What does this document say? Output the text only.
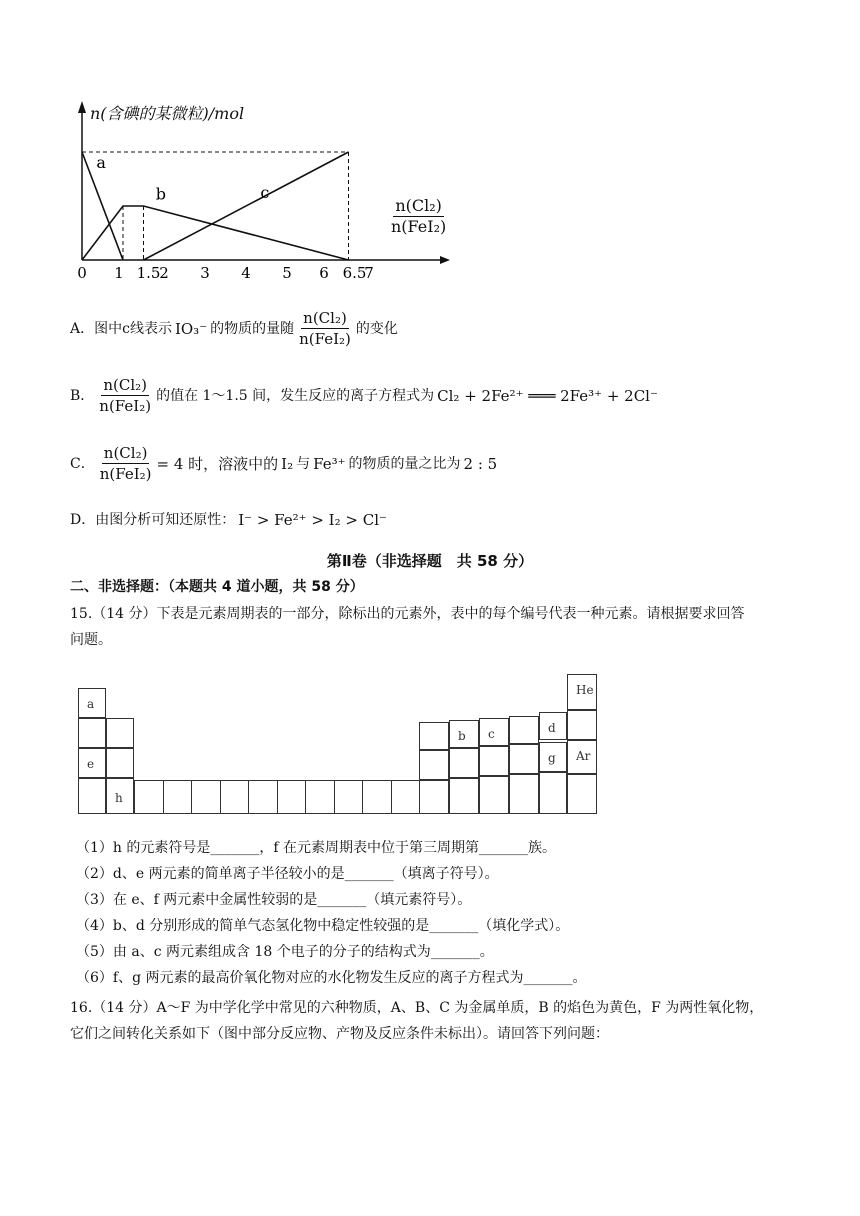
a
b	c
0 1 1.5
2 3 4 5 6 6.5
7
n(含碘的某微粒)/mol
$\frac{\text{n(Cl₂)}}{\text{n(FeI₂)}}$
A．图中c线表示 IO₃⁻ 的物质的量随 $\frac{\text{n(Cl₂)}}{\text{n(FeI₂)}}$ 的变化
B． $\frac{\text{n(Cl₂)}}{\text{n(FeI₂)}}$ 的值在 1～1.5 间，发生反应的离子方程式为 Cl₂ + 2Fe²⁺ ═══ 2Fe³⁺ + 2Cl⁻
C． $\frac{\text{n(Cl₂)}}{\text{n(FeI₂)}} = 4$ 时，溶液中的 I₂ 与 Fe³⁺ 的物质的量之比为 2 : 5
D．由图分析可知还原性： I⁻ > Fe²⁺ > I₂ > Cl⁻
第Ⅱ卷（非选择题　共 58 分）
二、非选择题：（本题共 4 道小题，共 58 分）
15.（14 分）下表是元素周期表的一部分，除标出的元素外，表中的每个编号代表一种元素。请根据要求回答
问题。
a
e
h
b c	d
He
g Ar
（1）h 的元素符号是_______，f 在元素周期表中位于第三周期第_______族。
（2）d、e 两元素的简单离子半径较小的是_______（填离子符号）。
（3）在 e、f 两元素中金属性较弱的是_______（填元素符号）。
（4）b、d 分别形成的简单气态氢化物中稳定性较强的是_______（填化学式）。
（5）由 a、c 两元素组成含 18 个电子的分子的结构式为_______。
（6）f、g 两元素的最高价氧化物对应的水化物发生反应的离子方程式为_______。
16.（14 分）A～F 为中学化学中常见的六种物质，A、B、C 为金属单质，B 的焰色为黄色，F 为两性氧化物，
它们之间转化关系如下（图中部分反应物、产物及反应条件未标出）。请回答下列问题：
